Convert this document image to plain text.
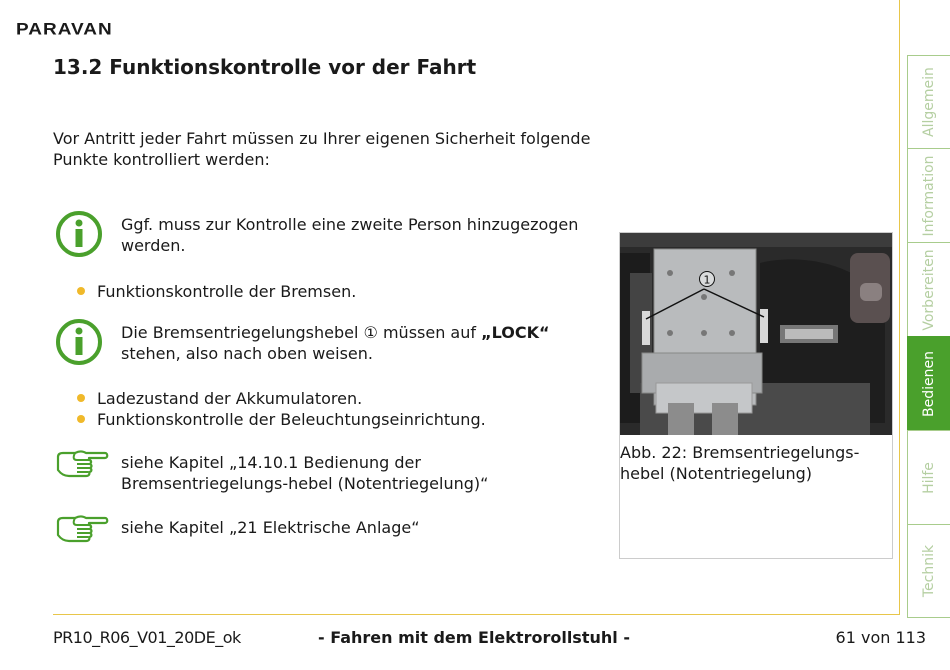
PARAVAN
13.2 Funktionskontrolle vor der Fahrt
Vor Antritt jeder Fahrt müssen zu Ihrer eigenen Sicherheit folgende Punkte kontrolliert werden:
Ggf. muss zur Kontrolle eine zweite Person hinzugezogen werden.
Funktionskontrolle der Bremsen.
Die Bremsentriegelungshebel ① müssen auf „LOCK“ stehen, also nach oben weisen.
Ladezustand der Akkumulatoren.
Funktionskontrolle der Beleuchtungseinrichtung.
siehe Kapitel „14.10.1 Bedienung der Bremsentriegelungs-hebel (Notentriegelung)“
siehe Kapitel „21 Elektrische Anlage“
1
Abb. 22: Bremsentriegelungs-hebel (Notentriegelung)
Allgemein
Information
Vorbereiten
Bedienen
Hilfe
Technik
PR10_R06_V01_20DE_ok	- Fahren mit dem Elektrorollstuhl -	61 von 113
